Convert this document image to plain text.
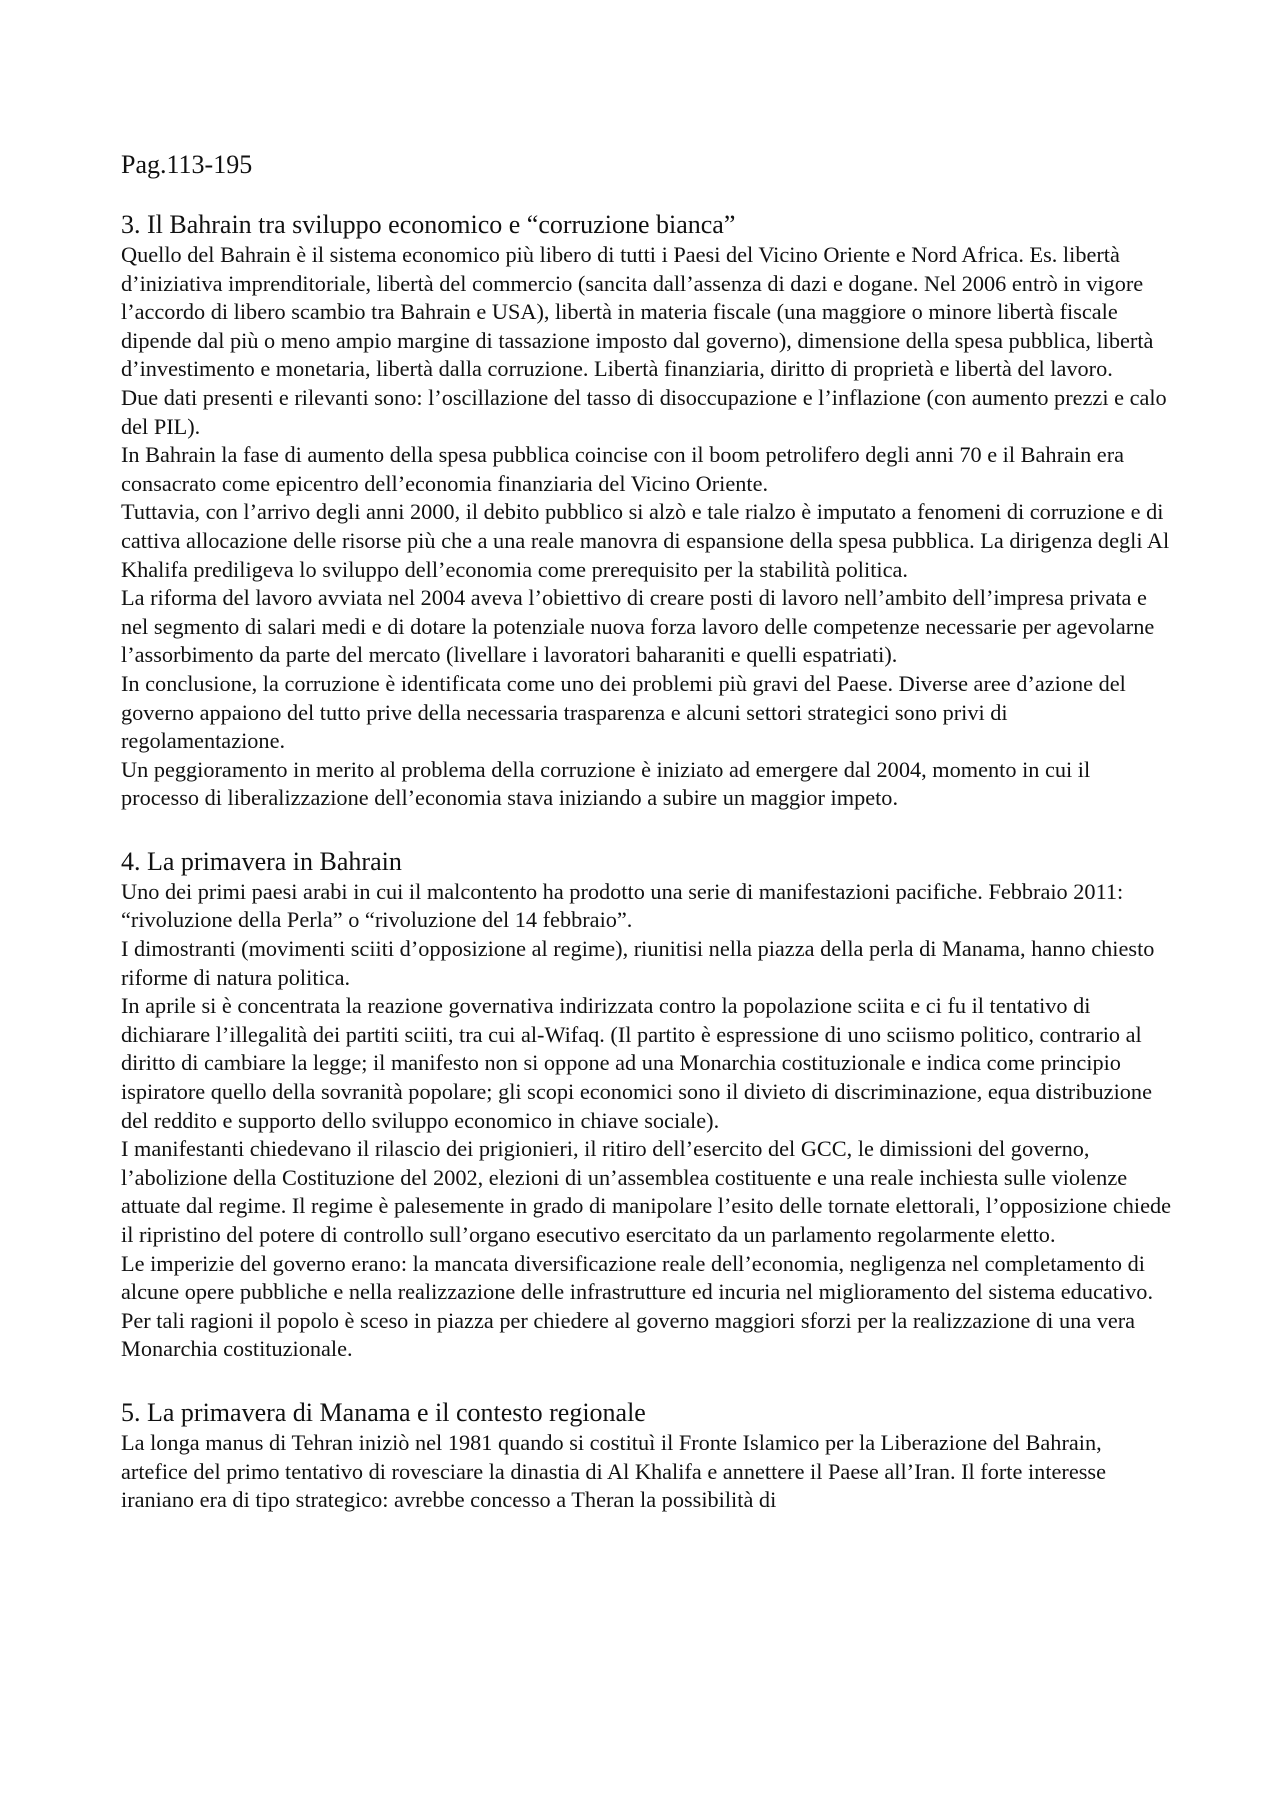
Pag.113-195
3. Il Bahrain tra sviluppo economico e “corruzione bianca”

Quello del Bahrain è il sistema economico più libero di tutti i Paesi del Vicino Oriente e Nord Africa. Es. libertà d’iniziativa imprenditoriale, libertà del commercio (sancita dall’assenza di dazi e dogane. Nel 2006 entrò in vigore l’accordo di libero scambio tra Bahrain e USA), libertà in materia fiscale (una maggiore o minore libertà fiscale dipende dal più o meno ampio margine di tassazione imposto dal governo), dimensione della spesa pubblica, libertà d’investimento e monetaria, libertà dalla corruzione. Libertà finanziaria, diritto di proprietà e libertà del lavoro.

Due dati presenti e rilevanti sono: l’oscillazione del tasso di disoccupazione e l’inflazione (con aumento prezzi e calo del PIL).

In Bahrain la fase di aumento della spesa pubblica coincise con il boom petrolifero degli anni 70 e il Bahrain era consacrato come epicentro dell’economia finanziaria del Vicino Oriente.

Tuttavia, con l’arrivo degli anni 2000, il debito pubblico si alzò e tale rialzo è imputato a fenomeni di corruzione e di cattiva allocazione delle risorse più che a una reale manovra di espansione della spesa pubblica. La dirigenza degli Al Khalifa prediligeva lo sviluppo dell’economia come prerequisito per la stabilità politica.

La riforma del lavoro avviata nel 2004 aveva l’obiettivo di creare posti di lavoro nell’ambito dell’impresa privata e nel segmento di salari medi e di dotare la potenziale nuova forza lavoro delle competenze necessarie per agevolarne l’assorbimento da parte del mercato (livellare i lavoratori baharaniti e quelli espatriati).

In conclusione, la corruzione è identificata come uno dei problemi più gravi del Paese. Diverse aree d’azione del governo appaiono del tutto prive della necessaria trasparenza e alcuni settori strategici sono privi di regolamentazione.

Un peggioramento in merito al problema della corruzione è iniziato ad emergere dal 2004, momento in cui il processo di liberalizzazione dell’economia stava iniziando a subire un maggior impeto.

4. La primavera in Bahrain

Uno dei primi paesi arabi in cui il malcontento ha prodotto una serie di manifestazioni pacifiche. Febbraio 2011: “rivoluzione della Perla” o “rivoluzione del 14 febbraio”.

I dimostranti (movimenti sciiti d’opposizione al regime), riunitisi nella piazza della perla di Manama, hanno chiesto riforme di natura politica.

In aprile si è concentrata la reazione governativa indirizzata contro la popolazione sciita e ci fu il tentativo di dichiarare l’illegalità dei partiti sciiti, tra cui al-Wifaq. (Il partito è espressione di uno sciismo politico, contrario al diritto di cambiare la legge; il manifesto non si oppone ad una Monarchia costituzionale e indica come principio ispiratore quello della sovranità popolare; gli scopi economici sono il divieto di discriminazione, equa distribuzione del reddito e supporto dello sviluppo economico in chiave sociale).

I manifestanti chiedevano il rilascio dei prigionieri, il ritiro dell’esercito del GCC, le dimissioni del governo, l’abolizione della Costituzione del 2002, elezioni di un’assemblea costituente e una reale inchiesta sulle violenze attuate dal regime. Il regime è palesemente in grado di manipolare l’esito delle tornate elettorali, l’opposizione chiede il ripristino del potere di controllo sull’organo esecutivo esercitato da un parlamento regolarmente eletto.

Le imperizie del governo erano: la mancata diversificazione reale dell’economia, negligenza nel completamento di alcune opere pubbliche e nella realizzazione delle infrastrutture ed incuria nel miglioramento del sistema educativo. Per tali ragioni il popolo è sceso in piazza per chiedere al governo maggiori sforzi per la realizzazione di una vera Monarchia costituzionale.

5. La primavera di Manama e il contesto regionale

La longa manus di Tehran iniziò nel 1981 quando si costituì il Fronte Islamico per la Liberazione del Bahrain, artefice del primo tentativo di rovesciare la dinastia di Al Khalifa e annettere il Paese all’Iran. Il forte interesse iraniano era di tipo strategico: avrebbe concesso a Theran la possibilità di
